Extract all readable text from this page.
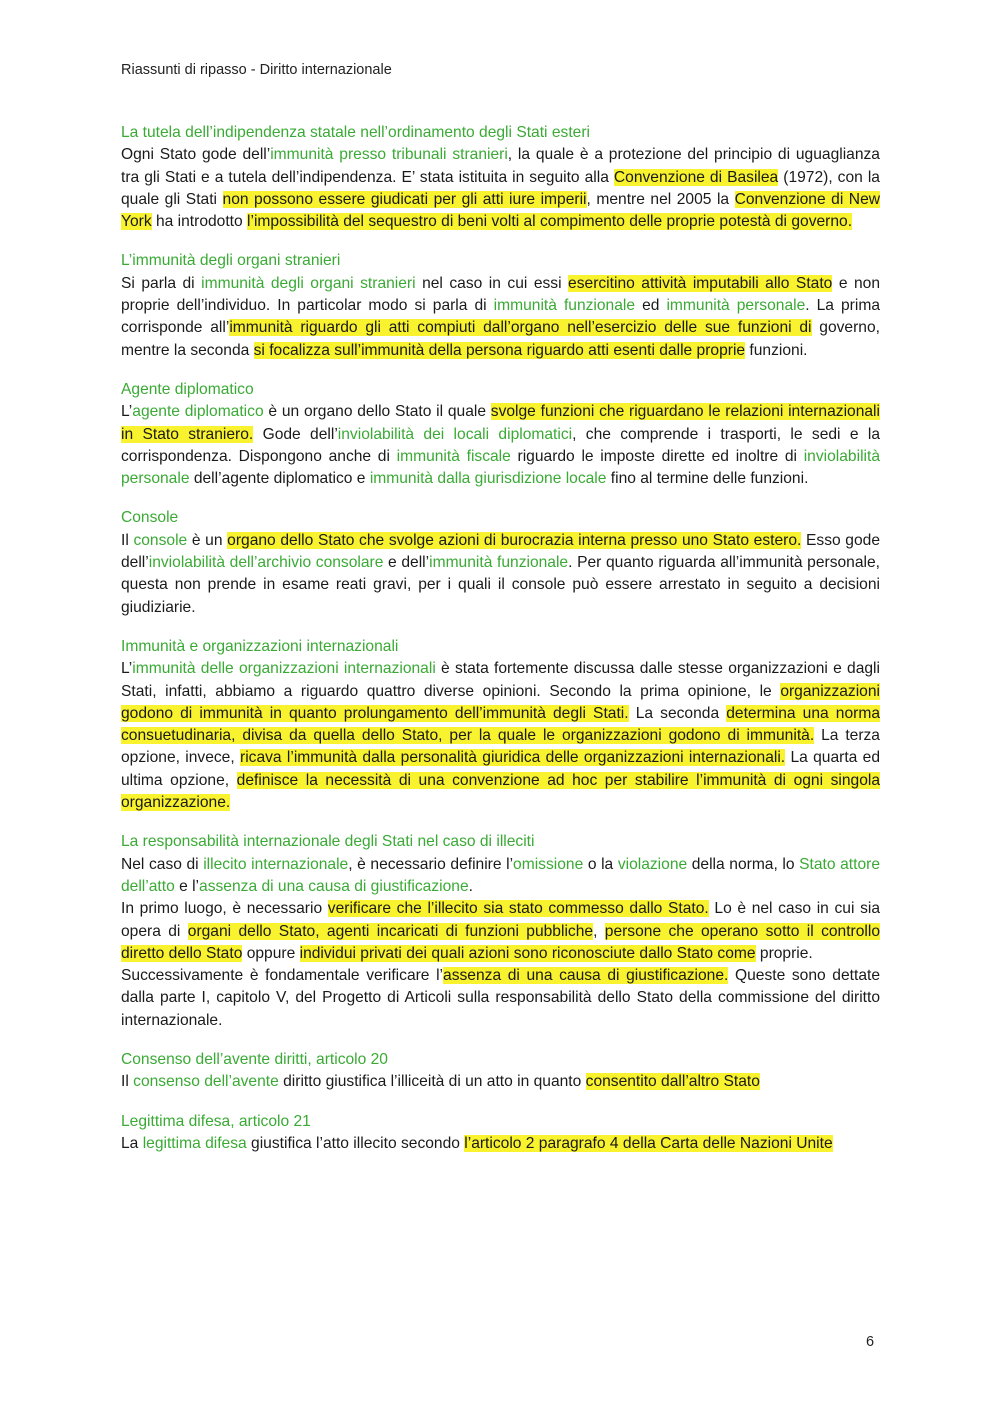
Riassunti di ripasso - Diritto internazionale
La tutela dell’indipendenza statale nell’ordinamento degli Stati esteri
Ogni Stato gode dell’immunità presso tribunali stranieri, la quale è a protezione del principio di uguaglianza tra gli Stati e a tutela dell’indipendenza. E’ stata istituita in seguito alla Convenzione di Basilea (1972), con la quale gli Stati non possono essere giudicati per gli atti iure imperii, mentre nel 2005 la Convenzione di New York ha introdotto l’impossibilità del sequestro di beni volti al compimento delle proprie potestà di governo.
L’immunità degli organi stranieri
Si parla di immunità degli organi stranieri nel caso in cui essi esercitino attività imputabili allo Stato e non proprie dell’individuo. In particolar modo si parla di immunità funzionale ed immunità personale. La prima corrisponde all’immunità riguardo gli atti compiuti dall’organo nell’esercizio delle sue funzioni di governo, mentre la seconda si focalizza sull’immunità della persona riguardo atti esenti dalle proprie funzioni.
Agente diplomatico
L’agente diplomatico è un organo dello Stato il quale svolge funzioni che riguardano le relazioni internazionali in Stato straniero. Gode dell’inviolabilità dei locali diplomatici, che comprende i trasporti, le sedi e la corrispondenza. Dispongono anche di immunità fiscale riguardo le imposte dirette ed inoltre di inviolabilità personale dell’agente diplomatico e immunità dalla giurisdizione locale fino al termine delle funzioni.
Console
Il console è un organo dello Stato che svolge azioni di burocrazia interna presso uno Stato estero. Esso gode dell’inviolabilità dell’archivio consolare e dell’immunità funzionale. Per quanto riguarda all’immunità personale, questa non prende in esame reati gravi, per i quali il console può essere arrestato in seguito a decisioni giudiziarie.
Immunità e organizzazioni internazionali
L’immunità delle organizzazioni internazionali è stata fortemente discussa dalle stesse organizzazioni e dagli Stati, infatti, abbiamo a riguardo quattro diverse opinioni. Secondo la prima opinione, le organizzazioni godono di immunità in quanto prolungamento dell’immunità degli Stati. La seconda determina una norma consuetudinaria, divisa da quella dello Stato, per la quale le organizzazioni godono di immunità. La terza opzione, invece, ricava l’immunità dalla personalità giuridica delle organizzazioni internazionali. La quarta ed ultima opzione, definisce la necessità di una convenzione ad hoc per stabilire l’immunità di ogni singola organizzazione.
La responsabilità internazionale degli Stati nel caso di illeciti
Nel caso di illecito internazionale, è necessario definire l’omissione o la violazione della norma, lo Stato attore dell’atto e l’assenza di una causa di giustificazione.
In primo luogo, è necessario verificare che l’illecito sia stato commesso dallo Stato. Lo è nel caso in cui sia opera di organi dello Stato, agenti incaricati di funzioni pubbliche, persone che operano sotto il controllo diretto dello Stato oppure individui privati dei quali azioni sono riconosciute dallo Stato come proprie.
Successivamente è fondamentale verificare l’assenza di una causa di giustificazione. Queste sono dettate dalla parte I, capitolo V, del Progetto di Articoli sulla responsabilità dello Stato della commissione del diritto internazionale.
Consenso dell’avente diritti, articolo 20
Il consenso dell’avente diritto giustifica l’illiceità di un atto in quanto consentito dall’altro Stato
Legittima difesa, articolo 21
La legittima difesa giustifica l’atto illecito secondo l’articolo 2 paragrafo 4 della Carta delle Nazioni Unite
6
